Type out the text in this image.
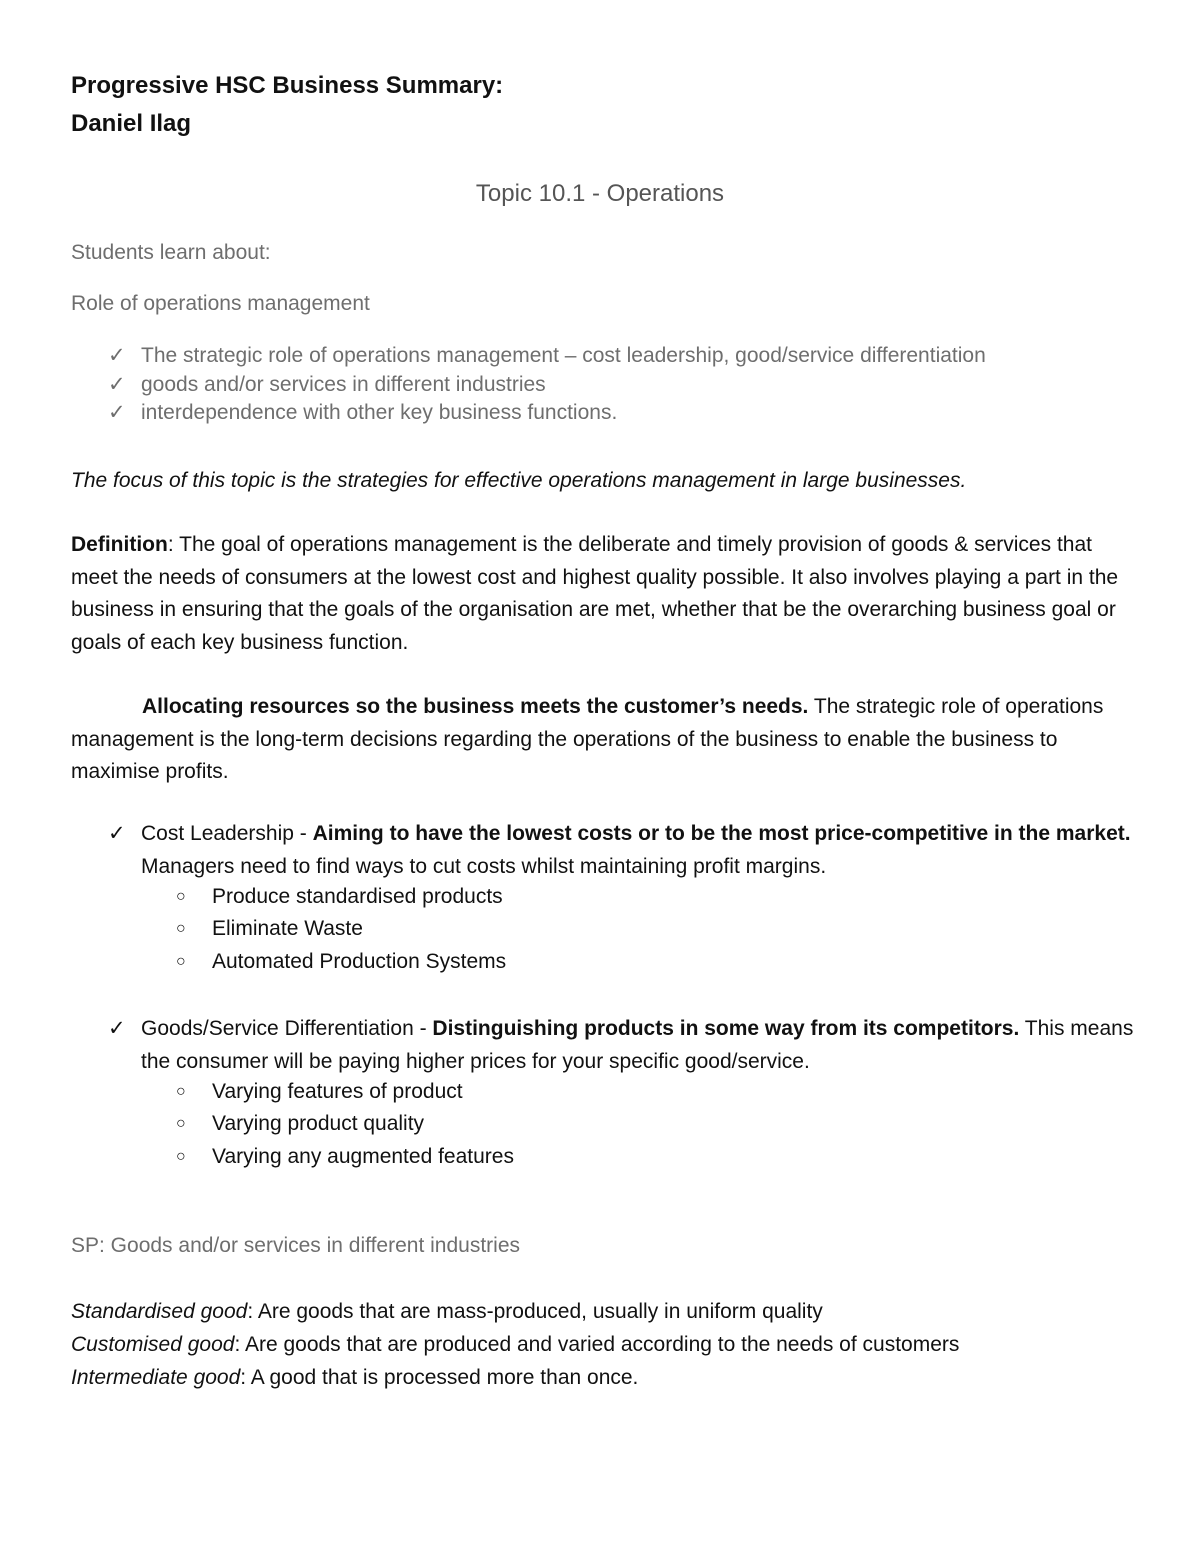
Progressive HSC Business Summary:
Daniel Ilag
Topic 10.1 - Operations
Students learn about:
Role of operations management
✓ The strategic role of operations management – cost leadership, good/service differentiation
✓ goods and/or services in different industries
✓ interdependence with other key business functions.
The focus of this topic is the strategies for effective operations management in large businesses.

Definition: The goal of operations management is the deliberate and timely provision of goods & services that meet the needs of consumers at the lowest cost and highest quality possible. It also involves playing a part in the business in ensuring that the goals of the organisation are met, whether that be the overarching business goal or goals of each key business function.

Allocating resources so the business meets the customer’s needs. The strategic role of operations management is the long-term decisions regarding the operations of the business to enable the business to maximise profits.

✓ Cost Leadership - Aiming to have the lowest costs or to be the most price-competitive in the market. Managers need to find ways to cut costs whilst maintaining profit margins.
○ Produce standardised products
○ Eliminate Waste
○ Automated Production Systems
✓ Goods/Service Differentiation - Distinguishing products in some way from its competitors. This means the consumer will be paying higher prices for your specific good/service.
○ Varying features of product
○ Varying product quality
○ Varying any augmented features
SP: Goods and/or services in different industries
Standardised good: Are goods that are mass-produced, usually in uniform quality
Customised good: Are goods that are produced and varied according to the needs of customers
Intermediate good: A good that is processed more than once.
